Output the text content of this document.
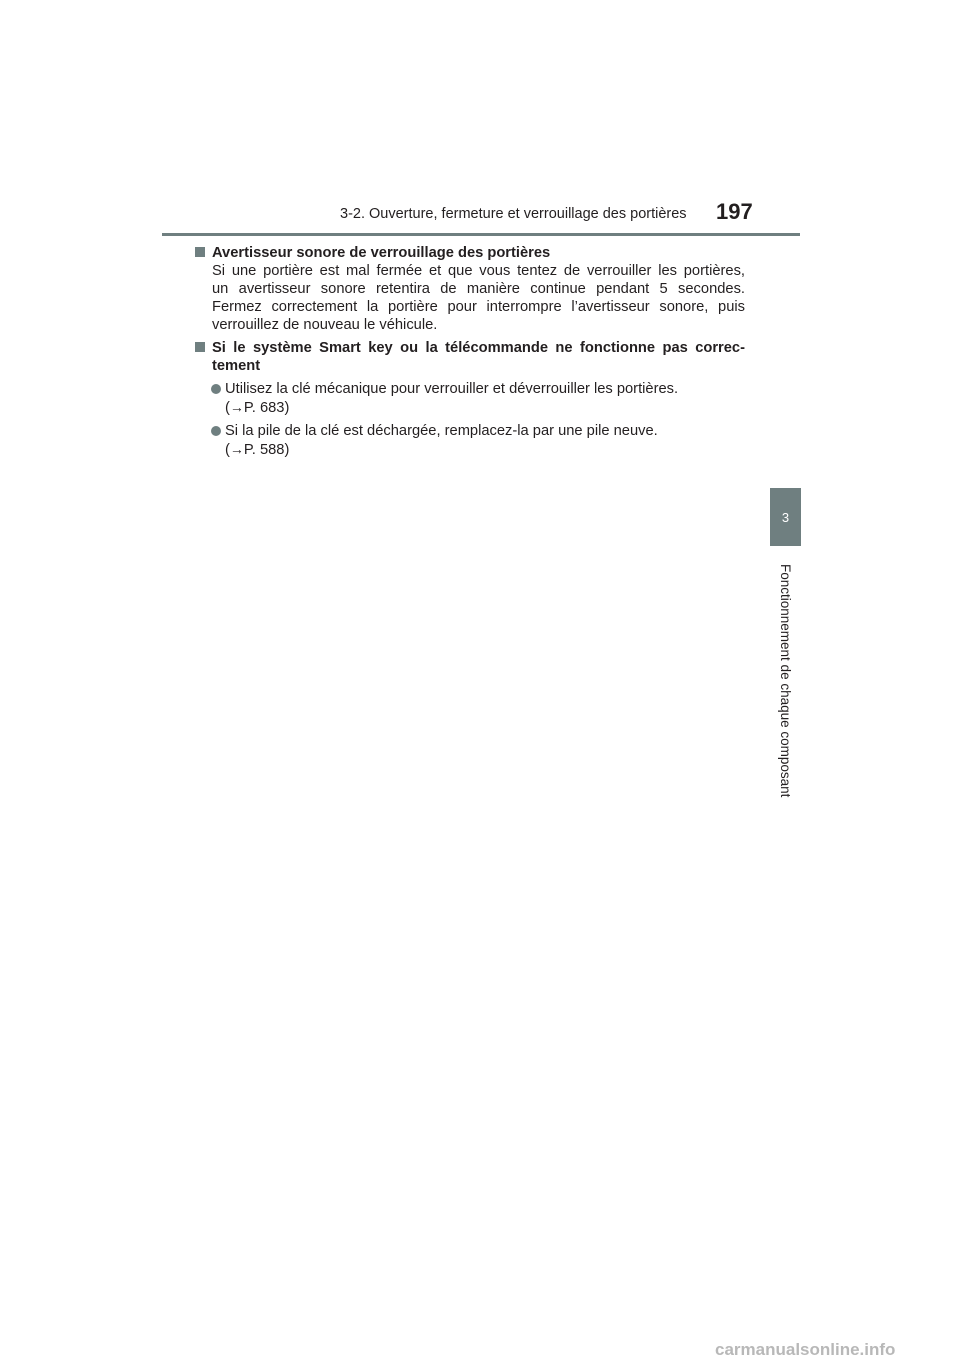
3-2. Ouverture, fermeture et verrouillage des portières 197
3
Fonctionnement de chaque composant
Avertisseur sonore de verrouillage des portières
Si une portière est mal fermée et que vous tentez de verrouiller les portières,
un avertisseur sonore retentira de manière continue pendant 5 secondes.
Fermez correctement la portière pour interrompre l’avertisseur sonore, puis
verrouillez de nouveau le véhicule.
Si le système Smart key ou la télécommande ne fonctionne pas correc-
tement
Utilisez la clé mécanique pour verrouiller et déverrouiller les portières.
(→P. 683)
Si la pile de la clé est déchargée, remplacez-la par une pile neuve.
(→P. 588)
carmanualsonline.info
